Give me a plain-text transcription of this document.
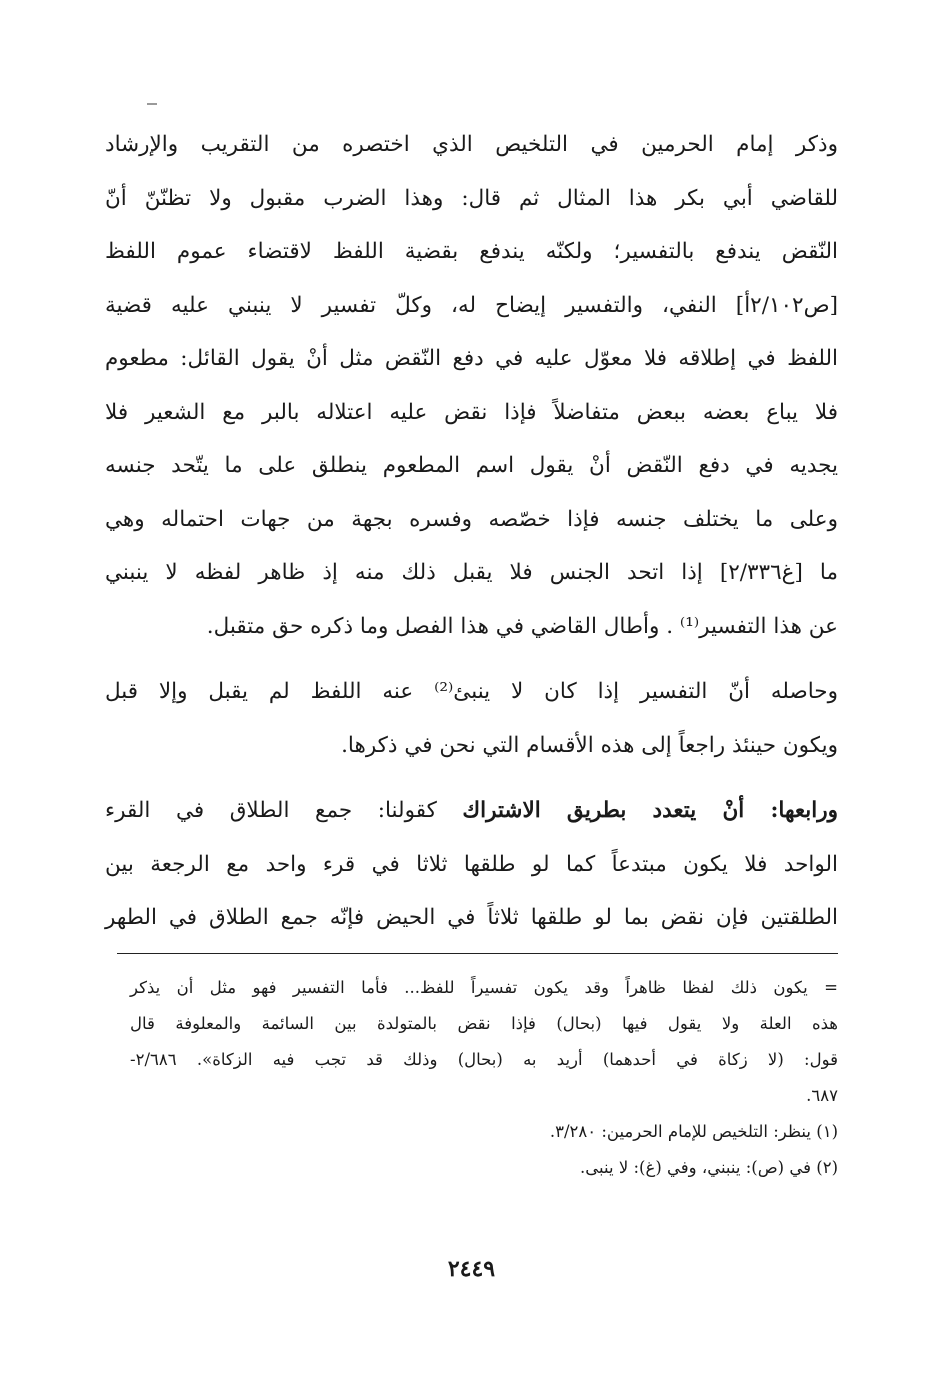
وذكر إمام الحرمين في التلخيص الذي اختصره من التقريب والإرشاد
للقاضي أبي بكر هذا المثال ثم قال: وهذا الضرب مقبول ولا تظنّنّ أنّ
النّقض يندفع بالتفسير؛ ولكنّه يندفع بقضية اللفظ لاقتضاء عموم اللفظ
[ص٢/١٠٢أ] النفي، والتفسير إيضاح له، وكلّ تفسير لا ينبني عليه قضية
اللفظ في إطلاقه فلا معوّل عليه في دفع النّقض مثل أنْ يقول القائل: مطعوم
فلا يباع بعضه ببعض متفاضلاً فإذا نقض عليه اعتلاله بالبر مع الشعير فلا
يجديه في دفع النّقض أنْ يقول اسم المطعوم ينطلق على ما يتّحد جنسه
وعلى ما يختلف جنسه فإذا خصّصه وفسره بجهة من جهات احتماله وهي
ما [غ٢/٣٣٦] إذا اتحد الجنس فلا يقبل ذلك منه إذ ظاهر لفظه لا ينبني
عن هذا التفسير⁽¹⁾ . وأطال القاضي في هذا الفصل وما ذكره حق متقبل.
وحاصله أنّ التفسير إذا كان لا ينبئ⁽²⁾ عنه اللفظ لم يقبل وإلا قبل
ويكون حينئذ راجعاً إلى هذه الأقسام التي نحن في ذكرها.
ورابعها: أنْ يتعدد بطريق الاشتراك كقولنا: جمع الطلاق في القرء
الواحد فلا يكون مبتدعاً كما لو طلقها ثلاثا في قرء واحد مع الرجعة بين
الطلقتين فإن نقض بما لو طلقها ثلاثاً في الحيض فإنّه جمع الطلاق في الطهر
= يكون ذلك لفظا ظاهراً وقد يكون تفسيراً للفظ... فأما التفسير فهو مثل أن يذكر
هذه العلة ولا يقول فيها (بحال) فإذا نقض بالمتولدة بين السائمة والمعلوفة قال
قول: (لا زكاة في أحدهما) أريد به (بحال) وذلك قد تجب فيه الزكاة». ٢/٦٨٦-
٦٨٧.
(١) ينظر: التلخيص للإمام الحرمين: ٣/٢٨٠.
(٢) في (ص): ينبني، وفي (غ): لا ينبى.
٢٤٤٩
